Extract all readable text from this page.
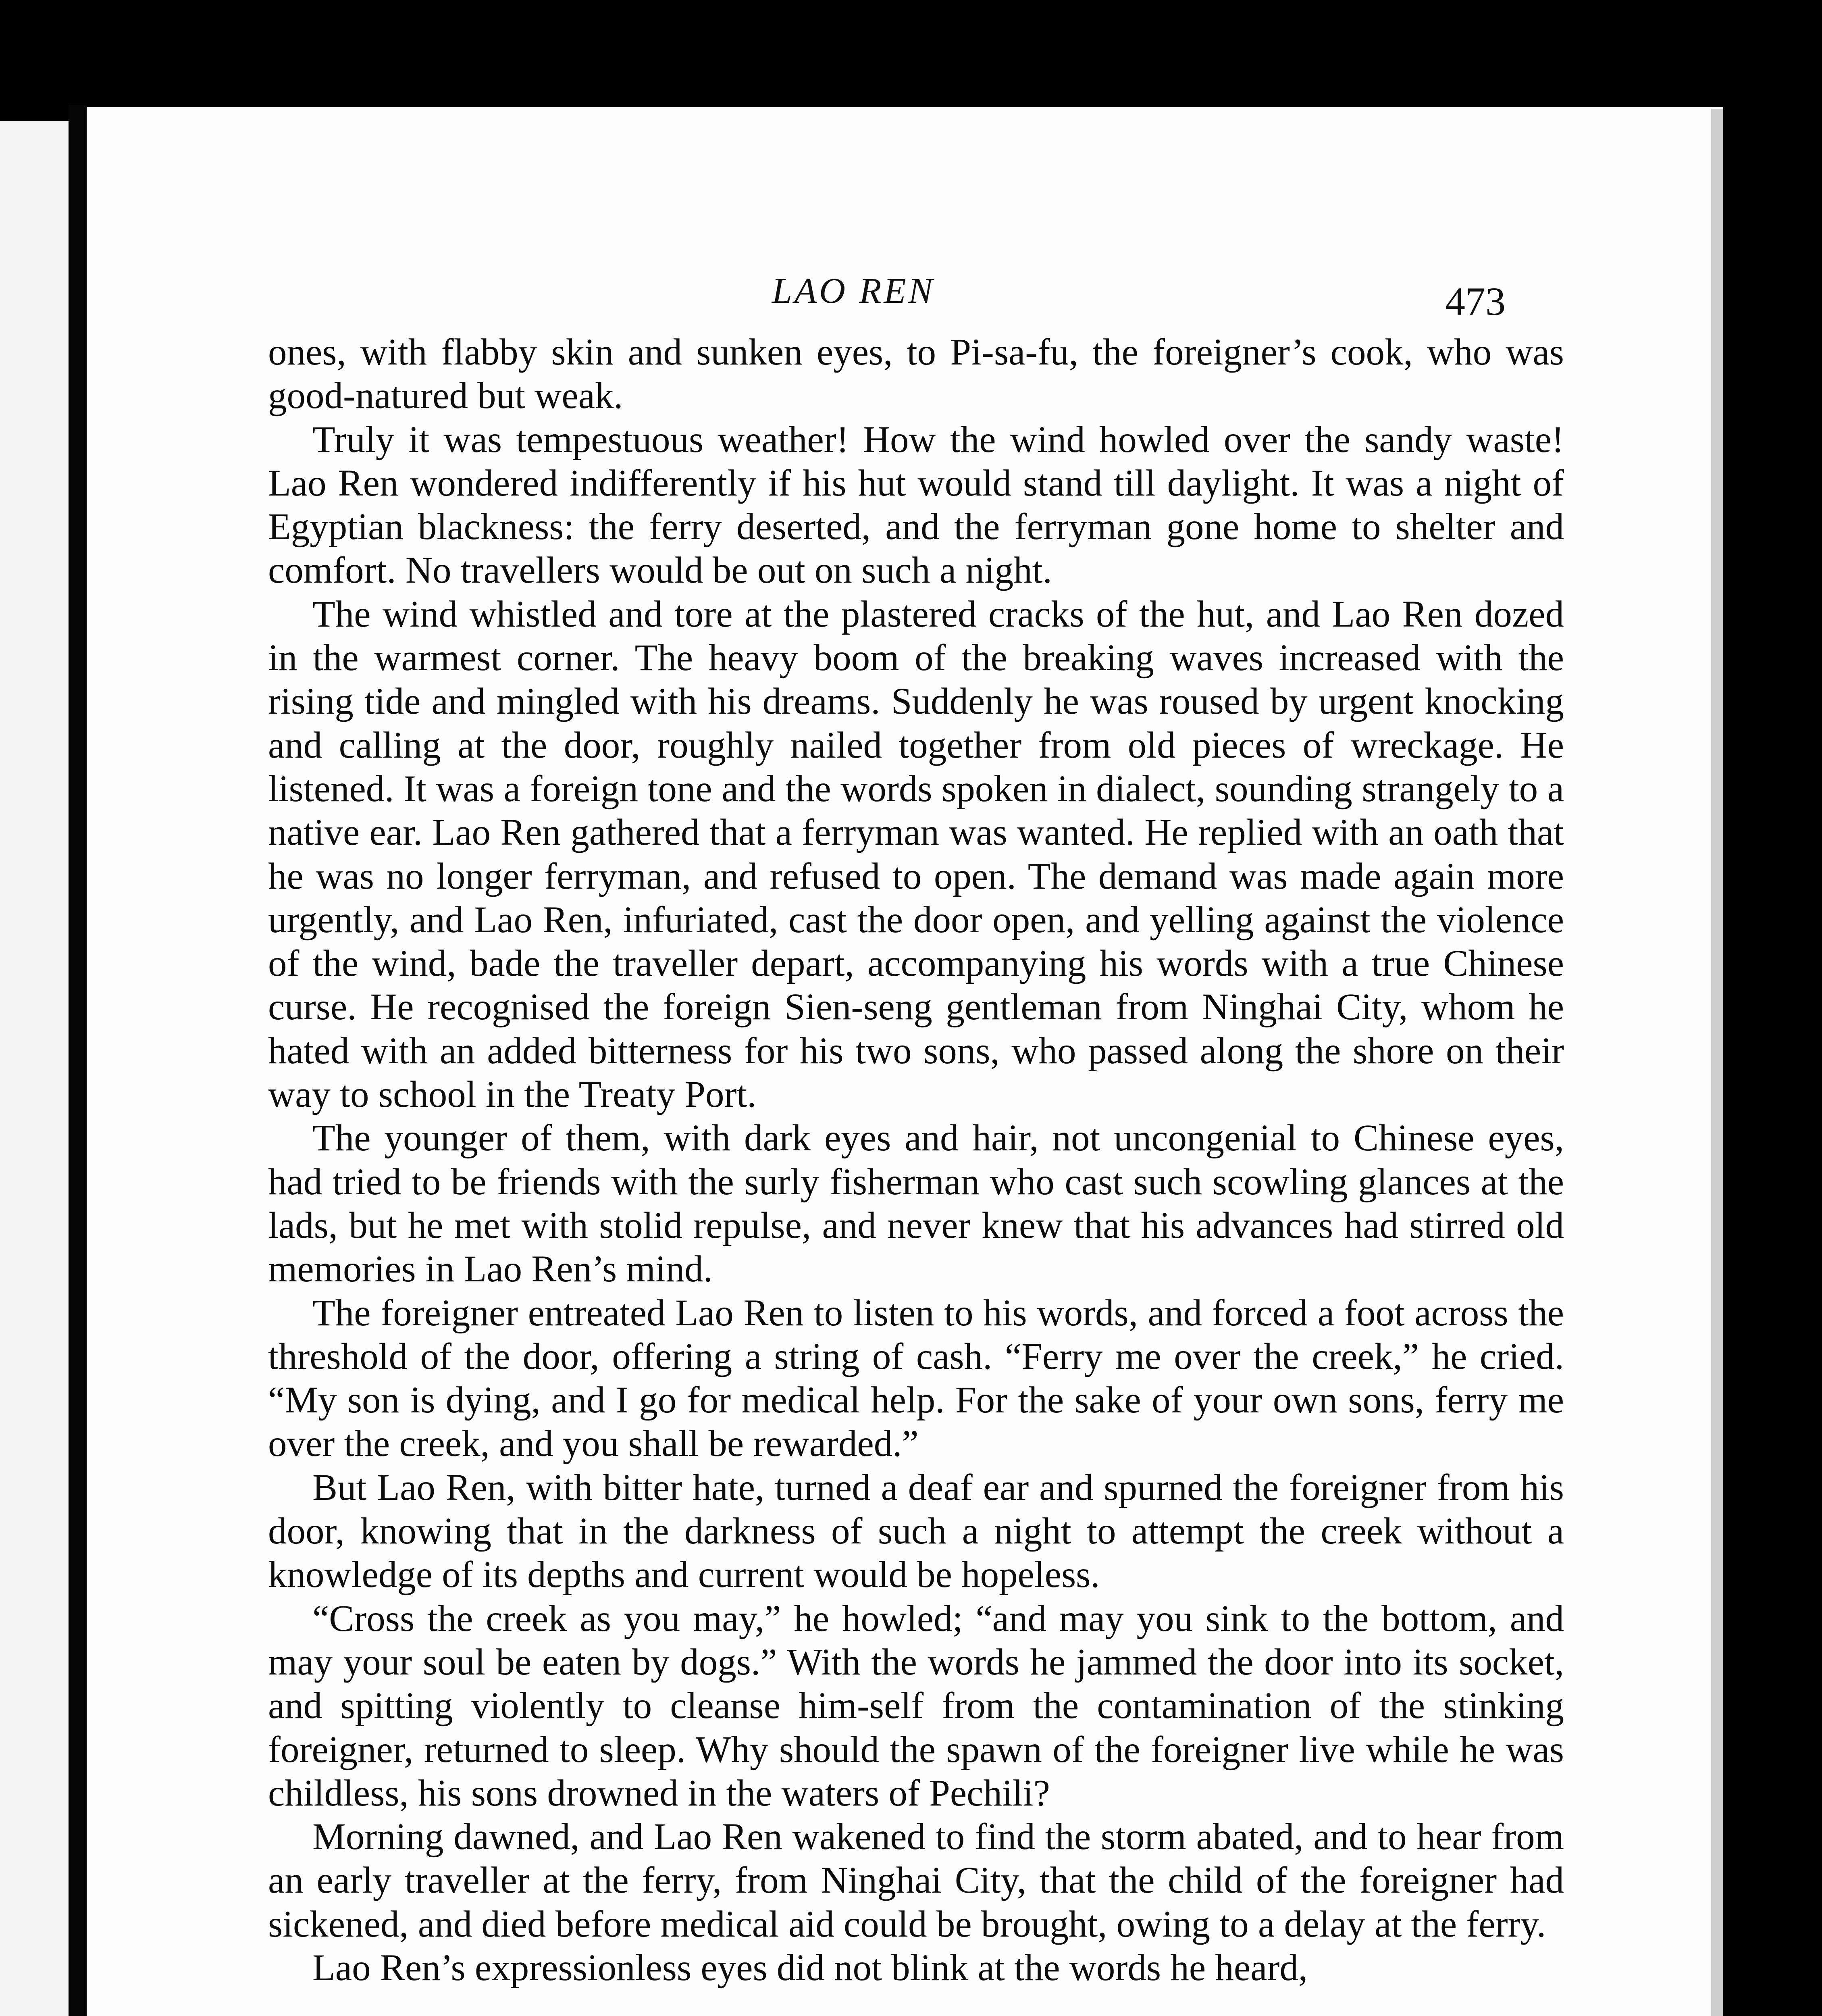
LAO REN	473

ones, with flabby skin and sunken eyes, to Pi-sa-fu, the foreigner’s cook, who was good-natured but weak.

Truly it was tempestuous weather! How the wind howled over the sandy waste! Lao Ren wondered indifferently if his hut would stand till daylight. It was a night of Egyptian blackness: the ferry deserted, and the ferryman gone home to shelter and comfort. No travellers would be out on such a night.

The wind whistled and tore at the plastered cracks of the hut, and Lao Ren dozed in the warmest corner. The heavy boom of the breaking waves increased with the rising tide and mingled with his dreams. Suddenly he was roused by urgent knocking and calling at the door, roughly nailed together from old pieces of wreckage. He listened. It was a foreign tone and the words spoken in dialect, sounding strangely to a native ear. Lao Ren gathered that a ferryman was wanted. He replied with an oath that he was no longer ferryman, and refused to open. The demand was made again more urgently, and Lao Ren, infuriated, cast the door open, and yelling against the violence of the wind, bade the traveller depart, accompanying his words with a true Chinese curse. He recognised the foreign Sien-seng gentleman from Ninghai City, whom he hated with an added bitterness for his two sons, who passed along the shore on their way to school in the Treaty Port.

The younger of them, with dark eyes and hair, not uncongenial to Chinese eyes, had tried to be friends with the surly fisherman who cast such scowling glances at the lads, but he met with stolid repulse, and never knew that his advances had stirred old memories in Lao Ren’s mind.

The foreigner entreated Lao Ren to listen to his words, and forced a foot across the threshold of the door, offering a string of cash. “Ferry me over the creek,” he cried. “My son is dying, and I go for medical help. For the sake of your own sons, ferry me over the creek, and you shall be rewarded.”

But Lao Ren, with bitter hate, turned a deaf ear and spurned the foreigner from his door, knowing that in the darkness of such a night to attempt the creek without a knowledge of its depths and current would be hopeless.

“Cross the creek as you may,” he howled; “and may you sink to the bottom, and may your soul be eaten by dogs.” With the words he jammed the door into its socket, and spitting violently to cleanse him-self from the contamination of the stinking foreigner, returned to sleep. Why should the spawn of the foreigner live while he was childless, his sons drowned in the waters of Pechili?

Morning dawned, and Lao Ren wakened to find the storm abated, and to hear from an early traveller at the ferry, from Ninghai City, that the child of the foreigner had sickened, and died before medical aid could be brought, owing to a delay at the ferry.

Lao Ren’s expressionless eyes did not blink at the words he heard,
